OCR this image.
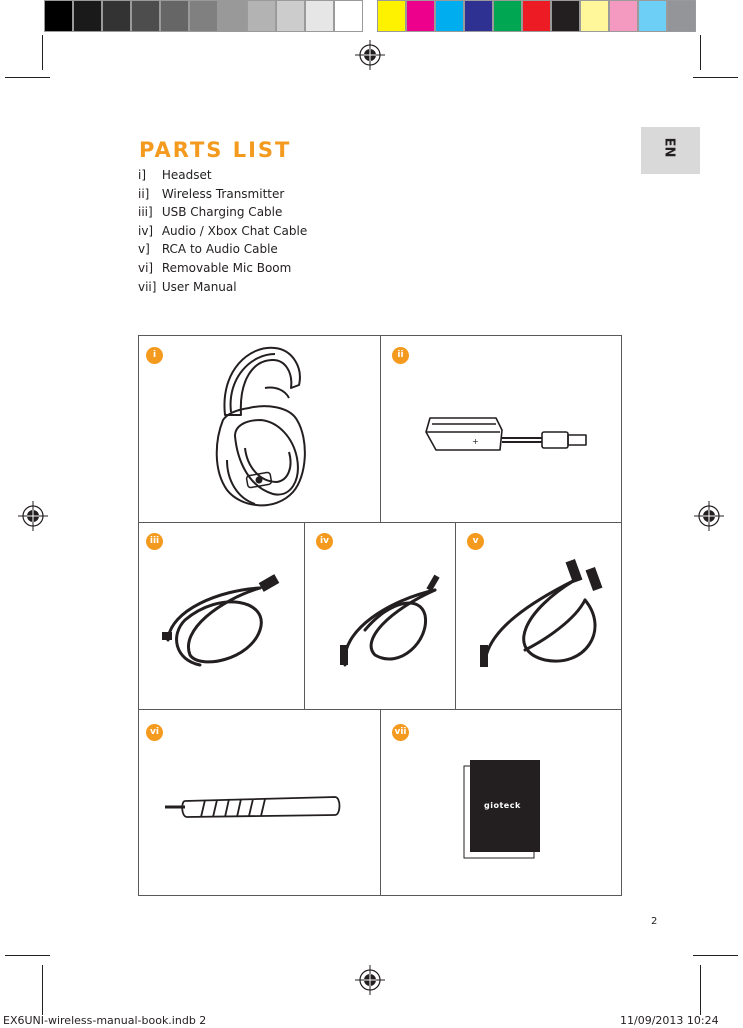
EN
PARTS LIST
i] Headset
ii] Wireless Transmitter
iii] USB Charging Cable
iv] Audio / Xbox Chat Cable
v] RCA to Audio Cable
vi] Removable Mic Boom
vii] User Manual
i	ii
iii	iv	v
vi	vii
+
gioteck
2
EX6UNI-wireless-manual-book.indb 2	11/09/2013 10:24
